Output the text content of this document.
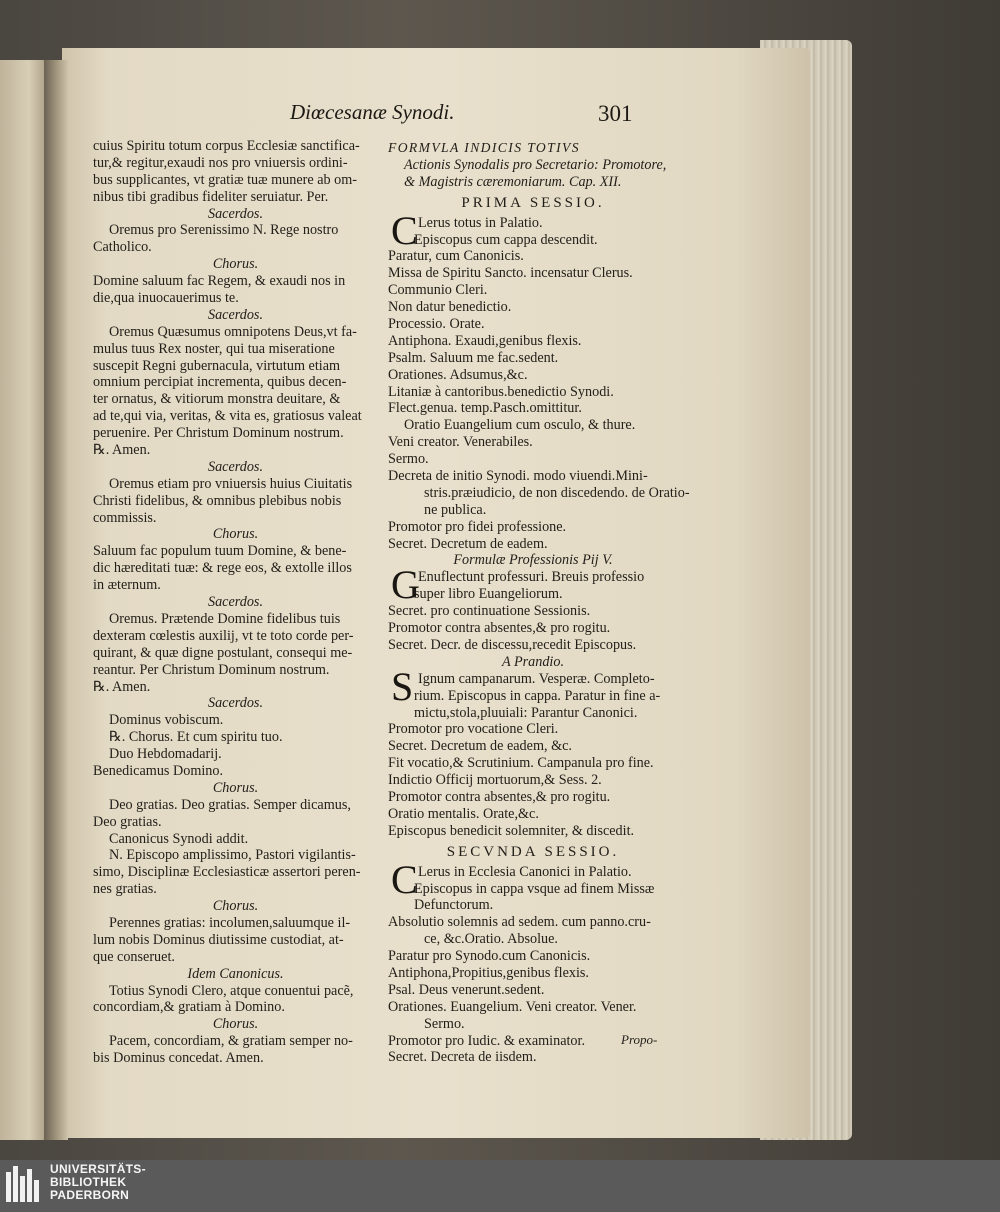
Diœcesanæ Synodi.	301
cuius Spiritu totum corpus Ecclesiæ sanctifica-
tur,& regitur,exaudi nos pro vniuersis ordini-
bus supplicantes, vt gratiæ tuæ munere ab om-
nibus tibi gradibus fideliter seruiatur. Per.
Sacerdos.
Oremus pro Serenissimo N. Rege nostro
Catholico.
Chorus.
Domine saluum fac Regem, & exaudi nos in
die,qua inuocauerimus te.
Sacerdos.
Oremus Quæsumus omnipotens Deus,vt fa-
mulus tuus Rex noster, qui tua miseratione
suscepit Regni gubernacula, virtutum etiam
omnium percipiat incrementa, quibus decen-
ter ornatus, & vitiorum monstra deuitare, &
ad te,qui via, veritas, & vita es, gratiosus valeat
peruenire. Per Christum Dominum nostrum.
℞. Amen.
Sacerdos.
Oremus etiam pro vniuersis huius Ciuitatis
Christi fidelibus, & omnibus plebibus nobis
commissis.
Chorus.
Saluum fac populum tuum Domine, & bene-
dic hæreditati tuæ: & rege eos, & extolle illos
in æternum.
Sacerdos.
Oremus. Prætende Domine fidelibus tuis
dexteram cœlestis auxilij, vt te toto corde per-
quirant, & quæ digne postulant, consequi me-
reantur. Per Christum Dominum nostrum.
℞. Amen.
Sacerdos.
Dominus vobiscum.
℞. Chorus. Et cum spiritu tuo.
Duo Hebdomadarij.
Benedicamus Domino.
Chorus.
Deo gratias. Deo gratias. Semper dicamus,
Deo gratias.
Canonicus Synodi addit.
N. Episcopo amplissimo, Pastori vigilantis-
simo, Disciplinæ Ecclesiasticæ assertori peren-
nes gratias.
Chorus.
Perennes gratias: incolumen,saluumque il-
lum nobis Dominus diutissime custodiat, at-
que conseruet.
Idem Canonicus.
Totius Synodi Clero, atque conuentui pacẽ,
concordiam,& gratiam à Domino.
Chorus.
Pacem, concordiam, & gratiam semper no-
bis Dominus concedat. Amen.
FORMVLA INDICIS TOTIVS
Actionis Synodalis pro Secretario: Promotore,
& Magistris cæremoniarum. Cap. XII.
PRIMA SESSIO.
C Lerus totus in Palatio.
Episcopus cum cappa descendit.
Paratur, cum Canonicis.
Missa de Spiritu Sancto. incensatur Clerus.
Communio Cleri.
Non datur benedictio.
Processio. Orate.
Antiphona. Exaudi,genibus flexis.
Psalm. Saluum me fac.sedent.
Orationes. Adsumus,&c.
Litaniæ à cantoribus.benedictio Synodi.
Flect.genua. temp.Pasch.omittitur.
Oratio Euangelium cum osculo, & thure.
Veni creator. Venerabiles.
Sermo.
Decreta de initio Synodi. modo viuendi.Mini-
stris.præiudicio, de non discedendo. de Oratio-
ne publica.
Promotor pro fidei professione.
Secret. Decretum de eadem.
Formulæ Professionis Pij V.
G
Enuflectunt professuri. Breuis professio
super libro Euangeliorum.
Secret. pro continuatione Sessionis.
Promotor contra absentes,& pro rogitu.
Secret. Decr. de discessu,recedit Episcopus.
A Prandio.
S Ignum campanarum. Vesperæ. Completo-
rium. Episcopus in cappa. Paratur in fine a-
mictu,stola,pluuiali: Parantur Canonici.
Promotor pro vocatione Cleri.
Secret. Decretum de eadem, &c.
Fit vocatio,& Scrutinium. Campanula pro fine.
Indictio Officij mortuorum,& Sess. 2.
Promotor contra absentes,& pro rogitu.
Oratio mentalis. Orate,&c.
Episcopus benedicit solemniter, & discedit.
SECVNDA SESSIO.
C Lerus in Ecclesia Canonici in Palatio.
Episcopus in cappa vsque ad finem Missæ
Defunctorum.
Absolutio solemnis ad sedem. cum panno.cru-
ce, &c.Oratio. Absolue.
Paratur pro Synodo.cum Canonicis.
Antiphona,Propitius,genibus flexis.
Psal. Deus venerunt.sedent.
Orationes. Euangelium. Veni creator. Vener.
Sermo.
Promotor pro Iudic. & examinator.
Secret. Decreta de iisdem.
Propo-
UNIVERSITÄTS-
BIBLIOTHEK
PADERBORN
